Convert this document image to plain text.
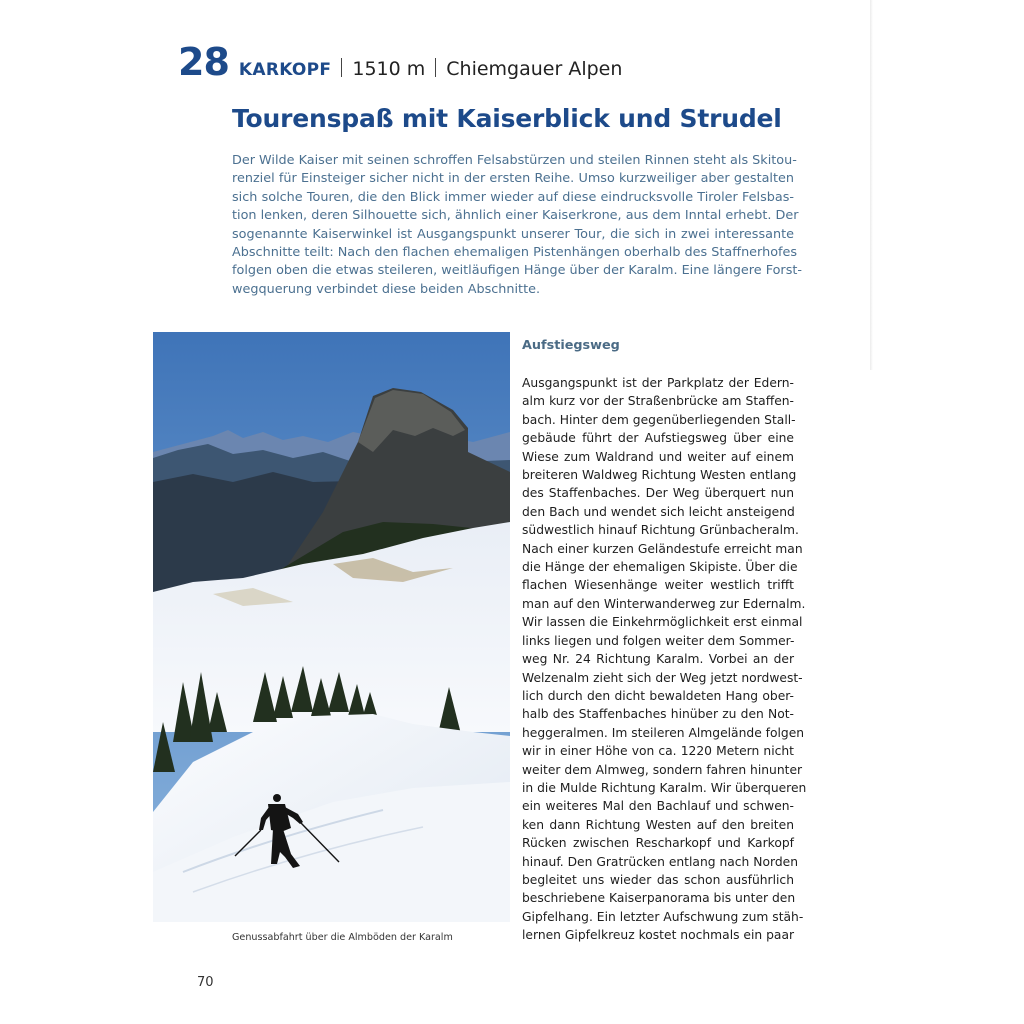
28 KARKOPF 1510 m Chiemgauer Alpen
Tourenspaß mit Kaiserblick und Strudel
Der Wilde Kaiser mit seinen schroffen Felsabstürzen und steilen Rinnen steht als Skitou-
renziel für Einsteiger sicher nicht in der ersten Reihe. Umso kurzweiliger aber gestalten
sich solche Touren, die den Blick immer wieder auf diese eindrucksvolle Tiroler Felsbas-
tion lenken, deren Silhouette sich, ähnlich einer Kaiserkrone, aus dem Inntal erhebt. Der
sogenannte Kaiserwinkel ist Ausgangspunkt unserer Tour, die sich in zwei interessante
Abschnitte teilt: Nach den flachen ehemaligen Pistenhängen oberhalb des Staffnerhofes
folgen oben die etwas steileren, weitläufigen Hänge über der Karalm. Eine längere Forst-
wegquerung verbindet diese beiden Abschnitte.
Genussabfahrt über die Almböden der Karalm
Aufstiegsweg
Ausgangspunkt ist der Parkplatz der Edern-
alm kurz vor der Straßenbrücke am Staffen-
bach. Hinter dem gegenüberliegenden Stall-
gebäude führt der Aufstiegsweg über eine
Wiese zum Waldrand und weiter auf einem
breiteren Waldweg Richtung Westen entlang
des Staffenbaches. Der Weg überquert nun
den Bach und wendet sich leicht ansteigend
südwestlich hinauf Richtung Grünbacheralm.
Nach einer kurzen Geländestufe erreicht man
die Hänge der ehemaligen Skipiste. Über die
flachen Wiesenhänge weiter westlich trifft
man auf den Winterwanderweg zur Edernalm.
Wir lassen die Einkehrmöglichkeit erst einmal
links liegen und folgen weiter dem Sommer-
weg Nr. 24 Richtung Karalm. Vorbei an der
Welzenalm zieht sich der Weg jetzt nordwest-
lich durch den dicht bewaldeten Hang ober-
halb des Staffenbaches hinüber zu den Not-
heggeralmen. Im steileren Almgelände folgen
wir in einer Höhe von ca. 1220 Metern nicht
weiter dem Almweg, sondern fahren hinunter
in die Mulde Richtung Karalm. Wir überqueren
ein weiteres Mal den Bachlauf und schwen-
ken dann Richtung Westen auf den breiten
Rücken zwischen Rescharkopf und Karkopf
hinauf. Den Gratrücken entlang nach Norden
begleitet uns wieder das schon ausführlich
beschriebene Kaiserpanorama bis unter den
Gipfelhang. Ein letzter Aufschwung zum stäh-
lernen Gipfelkreuz kostet nochmals ein paar
70
